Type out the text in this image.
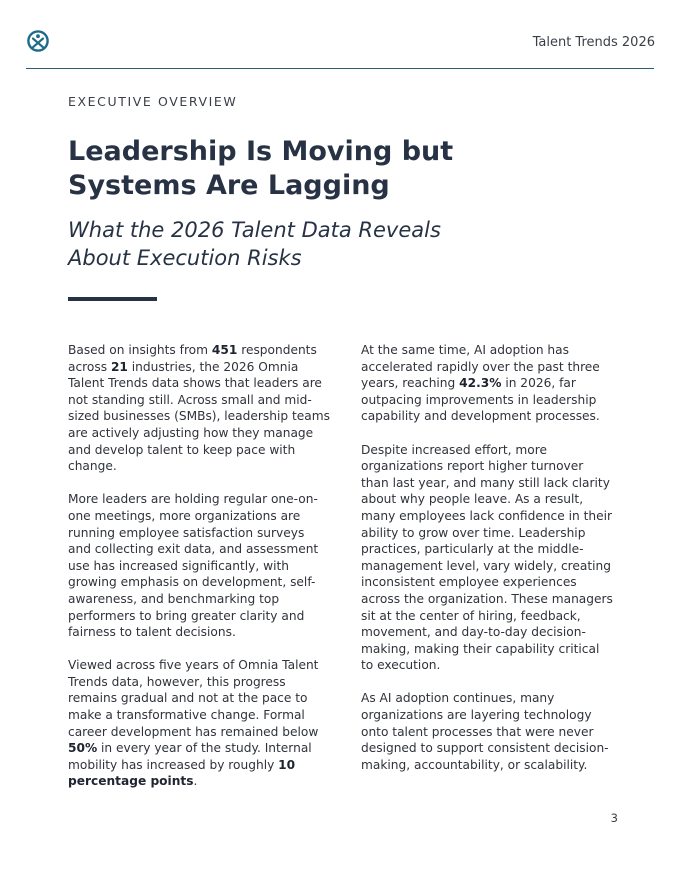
Talent Trends 2026
EXECUTIVE OVERVIEW
Leadership Is Moving but Systems Are Lagging
What the 2026 Talent Data Reveals About Execution Risks

Based on insights from 451 respondents across 21 industries, the 2026 Omnia Talent Trends data shows that leaders are not standing still. Across small and mid-sized businesses (SMBs), leadership teams are actively adjusting how they manage and develop talent to keep pace with change.

More leaders are holding regular one-on-one meetings, more organizations are running employee satisfaction surveys and collecting exit data, and assessment use has increased significantly, with growing emphasis on development, self-awareness, and benchmarking top performers to bring greater clarity and fairness to talent decisions.

Viewed across five years of Omnia Talent Trends data, however, this progress remains gradual and not at the pace to make a transformative change. Formal career development has remained below 50% in every year of the study. Internal mobility has increased by roughly 10 percentage points.

At the same time, AI adoption has accelerated rapidly over the past three years, reaching 42.3% in 2026, far outpacing improvements in leadership capability and development processes.

Despite increased effort, more organizations report higher turnover than last year, and many still lack clarity about why people leave. As a result, many employees lack confidence in their ability to grow over time. Leadership practices, particularly at the middle-management level, vary widely, creating inconsistent employee experiences across the organization. These managers sit at the center of hiring, feedback, movement, and day-to-day decision-making, making their capability critical to execution.

As AI adoption continues, many organizations are layering technology onto talent processes that were never designed to support consistent decision-making, accountability, or scalability.

3
